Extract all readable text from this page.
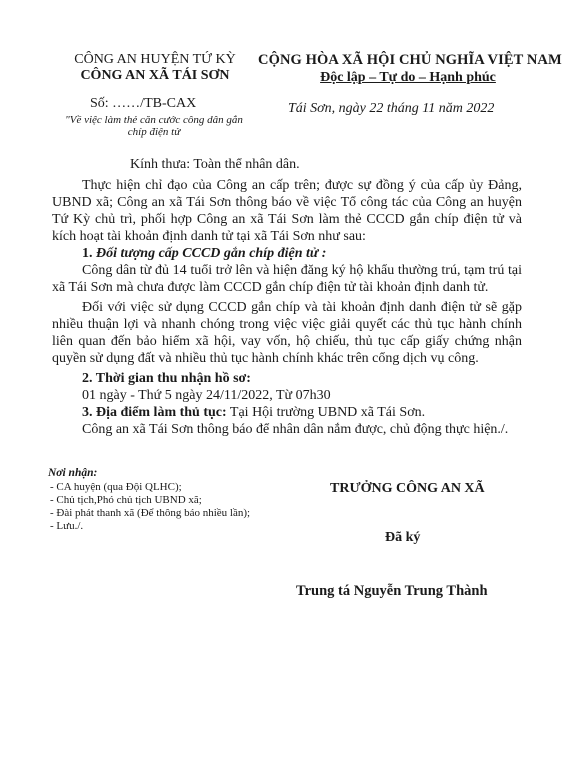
CÔNG AN HUYỆN TỨ KỲ
CÔNG AN XÃ TÁI SƠN
CỘNG HÒA XÃ HỘI CHỦ NGHĨA VIỆT NAM
Độc lập – Tự do – Hạnh phúc
Số: ……/TB-CAX
"Về việc làm thẻ căn cước công dân gắn chíp điện tử
Tái Sơn, ngày 22 tháng 11 năm 2022

Kính thưa: Toàn thể nhân dân.

Thực hiện chỉ đạo của Công an cấp trên; được sự đồng ý của cấp ủy Đảng, UBND xã; Công an xã Tái Sơn thông báo về việc Tổ công tác của Công an huyện Tứ Kỳ chủ trì, phối hợp Công an xã Tái Sơn làm thẻ CCCD gắn chíp điện tử và kích hoạt tài khoản định danh tử tại xã Tái Sơn như sau:

1. Đối tượng cấp CCCD gắn chíp điện tử :

Công dân từ đủ 14 tuổi trở lên và hiện đăng ký hộ khẩu thường trú, tạm trú tại xã Tái Sơn mà chưa được làm CCCD gắn chíp điện tử tài khoản định danh tử.

Đối với việc sử dụng CCCD gắn chíp và tài khoản định danh điện tử sẽ gặp nhiều thuận lợi và nhanh chóng trong việc việc giải quyết các thủ tục hành chính liên quan đến bảo hiểm xã hội, vay vốn, hộ chiếu, thủ tục cấp giấy chứng nhận quyền sử dụng đất và nhiều thủ tục hành chính khác trên cổng dịch vụ công.

2. Thời gian thu nhận hồ sơ:

01 ngày - Thứ 5 ngày 24/11/2022, Từ 07h30

3. Địa điểm làm thủ tục: Tại Hội trường UBND xã Tái Sơn.

Công an xã Tái Sơn thông báo để nhân dân nắm được, chủ động thực hiện./.

Nơi nhận:
- CA huyện (qua Đội QLHC);
- Chủ tịch,Phó chủ tịch UBND xã;
- Đài phát thanh xã (Để thông báo nhiều lần);
- Lưu./.
TRƯỞNG CÔNG AN XÃ
Đã ký
Trung tá Nguyễn Trung Thành
